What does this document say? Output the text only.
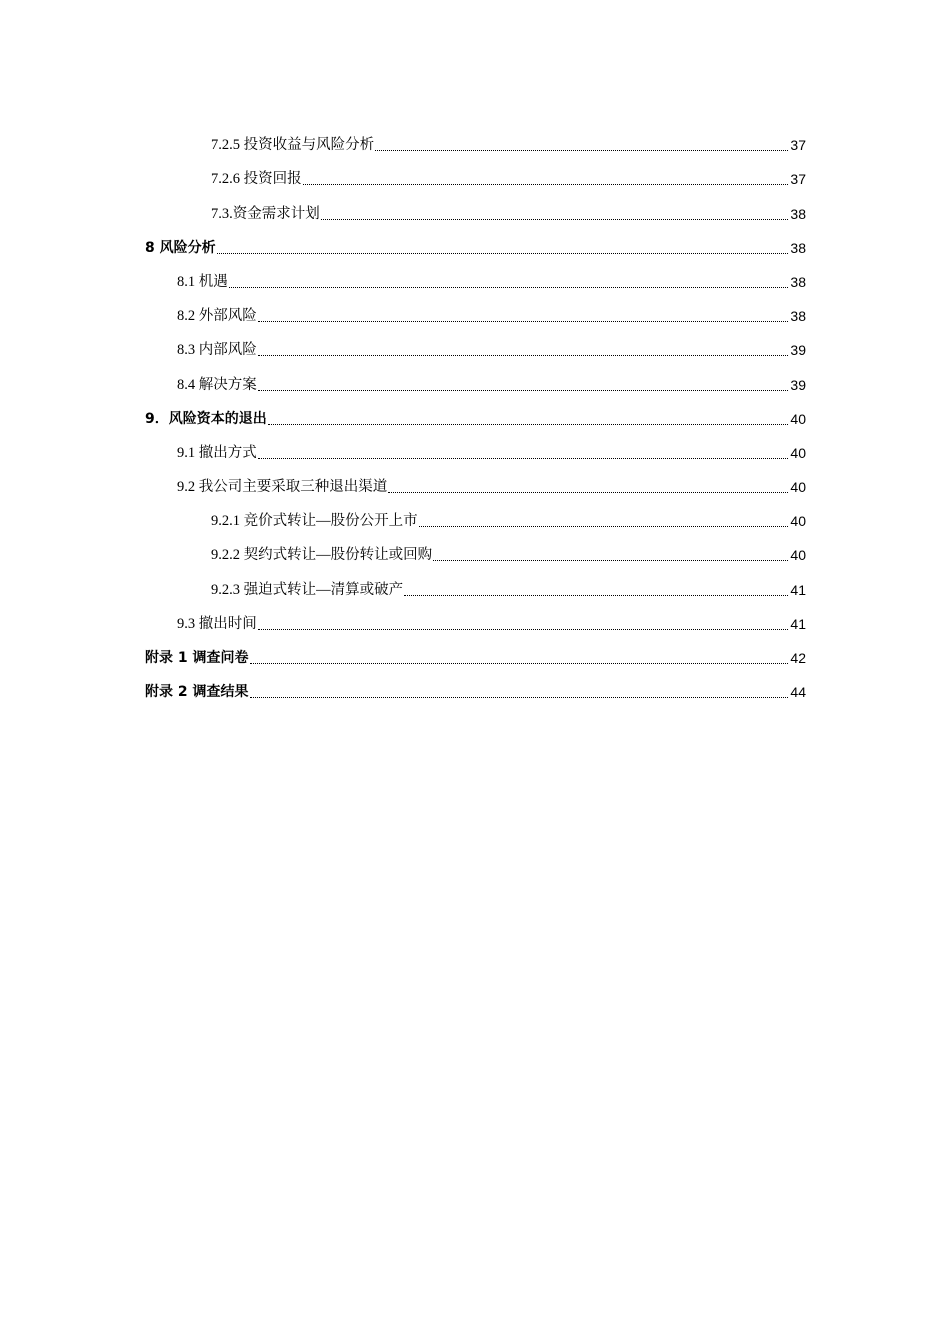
7.2.5 投资收益与风险分析	37
7.2.6 投资回报	37
7.3.资金需求计划	38
8 风险分析	38
8.1 机遇	38
8.2 外部风险	38
8.3 内部风险	39
8.4 解决方案	39
9．风险资本的退出	40
9.1 撤出方式	40
9.2 我公司主要采取三种退出渠道	40
9.2.1 竞价式转让—股份公开上市	40
9.2.2 契约式转让—股份转让或回购	40
9.2.3 强迫式转让—清算或破产	41
9.3 撤出时间	41
附录 1 调查问卷	42
附录 2 调查结果	44
